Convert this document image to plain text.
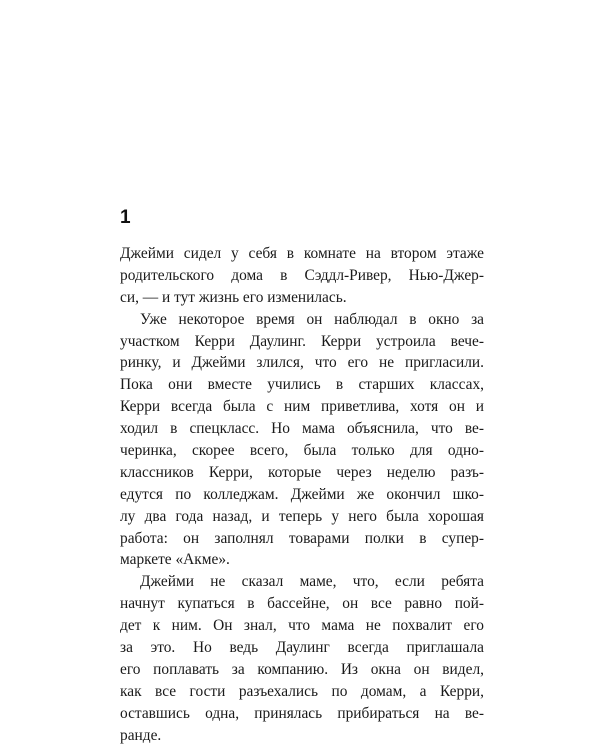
1
Джейми сидел у себя в комнате на втором этаже
родительского дома в Сэддл-Ривер, Нью-Джер-
си, — и тут жизнь его изменилась.
Уже некоторое время он наблюдал в окно за
участком Керри Даулинг. Керри устроила вече-
ринку, и Джейми злился, что его не пригласили.
Пока они вместе учились в старших классах,
Керри всегда была с ним приветлива, хотя он и
ходил в спецкласс. Но мама объяснила, что ве-
черинка, скорее всего, была только для одно-
классников Керри, которые через неделю разъ-
едутся по колледжам. Джейми же окончил шко-
лу два года назад, и теперь у него была хорошая
работа: он заполнял товарами полки в супер-
маркете «Акме».
Джейми не сказал маме, что, если ребята
начнут купаться в бассейне, он все равно пой-
дет к ним. Он знал, что мама не похвалит его
за это. Но ведь Даулинг всегда приглашала
его поплавать за компанию. Из окна он видел,
как все гости разъехались по домам, а Керри,
оставшись одна, принялась прибираться на ве-
ранде.
